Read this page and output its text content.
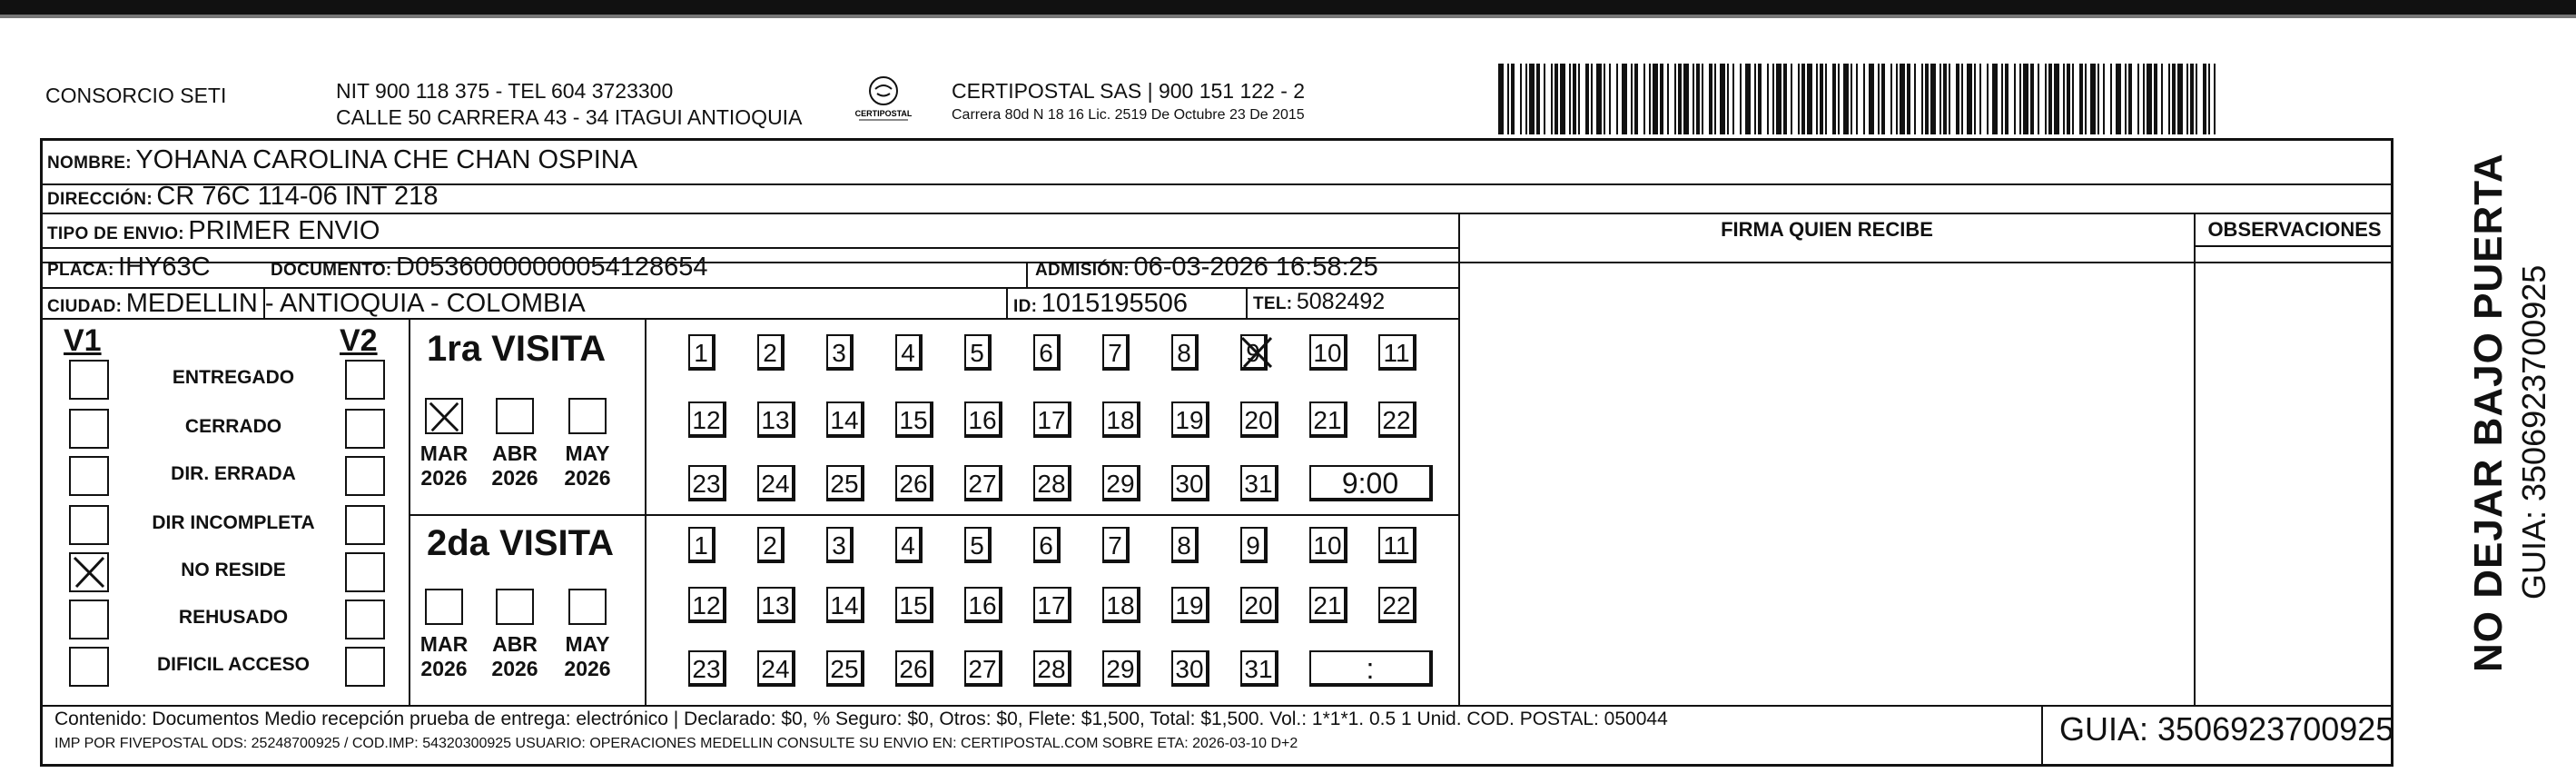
CONSORCIO SETI	NIT 900 118 375 - TEL 604 3723300
CALLE 50 CARRERA 43 - 34 ITAGUI ANTIOQUIA	CERTIPOSTAL
CERTIPOSTAL SAS | 900 151 122 - 2
Carrera 80d N 18 16 Lic. 2519 De Octubre 23 De 2015
NOMBRE: YOHANA CAROLINA CHE CHAN OSPINA
DIRECCIÓN: CR 76C 114-06 INT 218
TIPO DE ENVIO: PRIMER ENVIO
PLACA: IHY63C	DOCUMENTO: D05360000000054128654	ADMISIÓN: 06-03-2026 16:58:25
CIUDAD: MEDELLIN - ANTIOQUIA - COLOMBIA	ID: 1015195506	TEL: 5082492
FIRMA QUIEN RECIBE	OBSERVACIONES
V1	V2
ENTREGADO
CERRADO
DIR. ERRADA
DIR INCOMPLETA
NO RESIDE
REHUSADO
DIFICIL ACCESO
1ra VISITA
2da VISITA
MAR
2026
ABR
2026
MAY
2026
MAR
2026
ABR
2026
MAY
2026
1 2 3 4 5 6 7 8 9 10 11
12 13 14 15 16 17 18 19 20 21 22
23 24 25 26 27 28 29 30 31	9:00
1 2 3 4 5 6 7 8 9 10 11
12 13 14 15 16 17 18 19 20 21 22
23 24 25 26 27 28 29 30 31	:	NO DEJAR BAJO PUERTA GUIA: 3506923700925
Contenido: Documentos Medio recepción prueba de entrega: electrónico | Declarado: $0, % Seguro: $0, Otros: $0, Flete: $1,500, Total: $1,500. Vol.: 1*1*1. 0.5 1 Unid. COD. POSTAL: 050044
IMP POR FIVEPOSTAL ODS: 25248700925 / COD.IMP: 54320300925 USUARIO: OPERACIONES MEDELLIN CONSULTE SU ENVIO EN: CERTIPOSTAL.COM SOBRE ETA: 2026-03-10 D+2	GUIA: 3506923700925
